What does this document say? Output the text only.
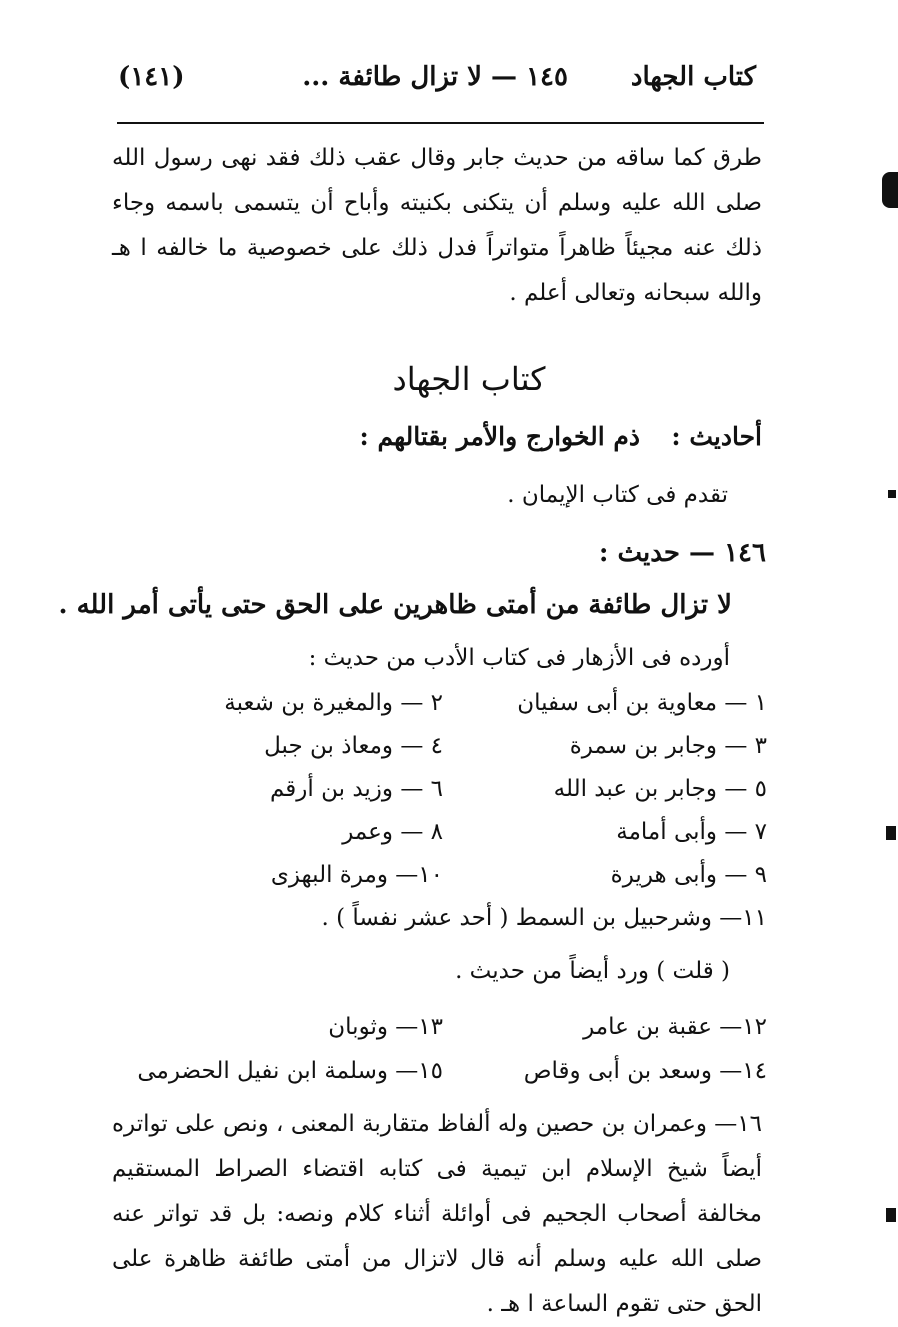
كتاب الجهاد
١٤٥ — لا تزال طائفة ...
(١٤١)
طرق كما ساقه من حديث جابر وقال عقب ذلك فقد نهى رسول الله صلى الله عليه وسلم أن يتكنى بكنيته وأباح أن يتسمى باسمه وجاء ذلك عنه مجيئاً ظاهراً متواتراً فدل ذلك على خصوصية ما خالفه ا هـ والله سبحانه وتعالى أعلم .
كتاب الجهاد
أحاديث :  ذم الخوارج والأمر بقتالهم :
تقدم فى كتاب الإيمان .
١٤٦ — حديث :
لا تزال طائفة من أمتى ظاهرين على الحق حتى يأتى أمر الله .
أورده فى الأزهار فى كتاب الأدب من حديث :
١ — معاوية بن أبى سفيان
٢ — والمغيرة بن شعبة
٣ — وجابر بن سمرة
٤ — ومعاذ بن جبل
٥ — وجابر بن عبد الله
٦ — وزيد بن أرقم
٧ — وأبى أمامة
٨ — وعمر
٩ — وأبى هريرة
١٠— ومرة البهزى
١١— وشرحبيل بن السمط ( أحد عشر نفساً ) .
( قلت ) ورد أيضاً من حديث .
١٢— عقبة بن عامر
١٣— وثوبان
١٤— وسعد بن أبى وقاص
١٥— وسلمة ابن نفيل الحضرمى
١٦— وعمران بن حصين وله ألفاظ متقاربة المعنى ، ونص على تواتره أيضاً شيخ الإسلام ابن تيمية فى كتابه اقتضاء الصراط المستقيم مخالفة أصحاب الجحيم فى أوائلة أثناء كلام ونصه: بل قد تواتر عنه صلى الله عليه وسلم أنه قال لاتزال من أمتى طائفة ظاهرة على الحق حتى تقوم الساعة ا هـ .
